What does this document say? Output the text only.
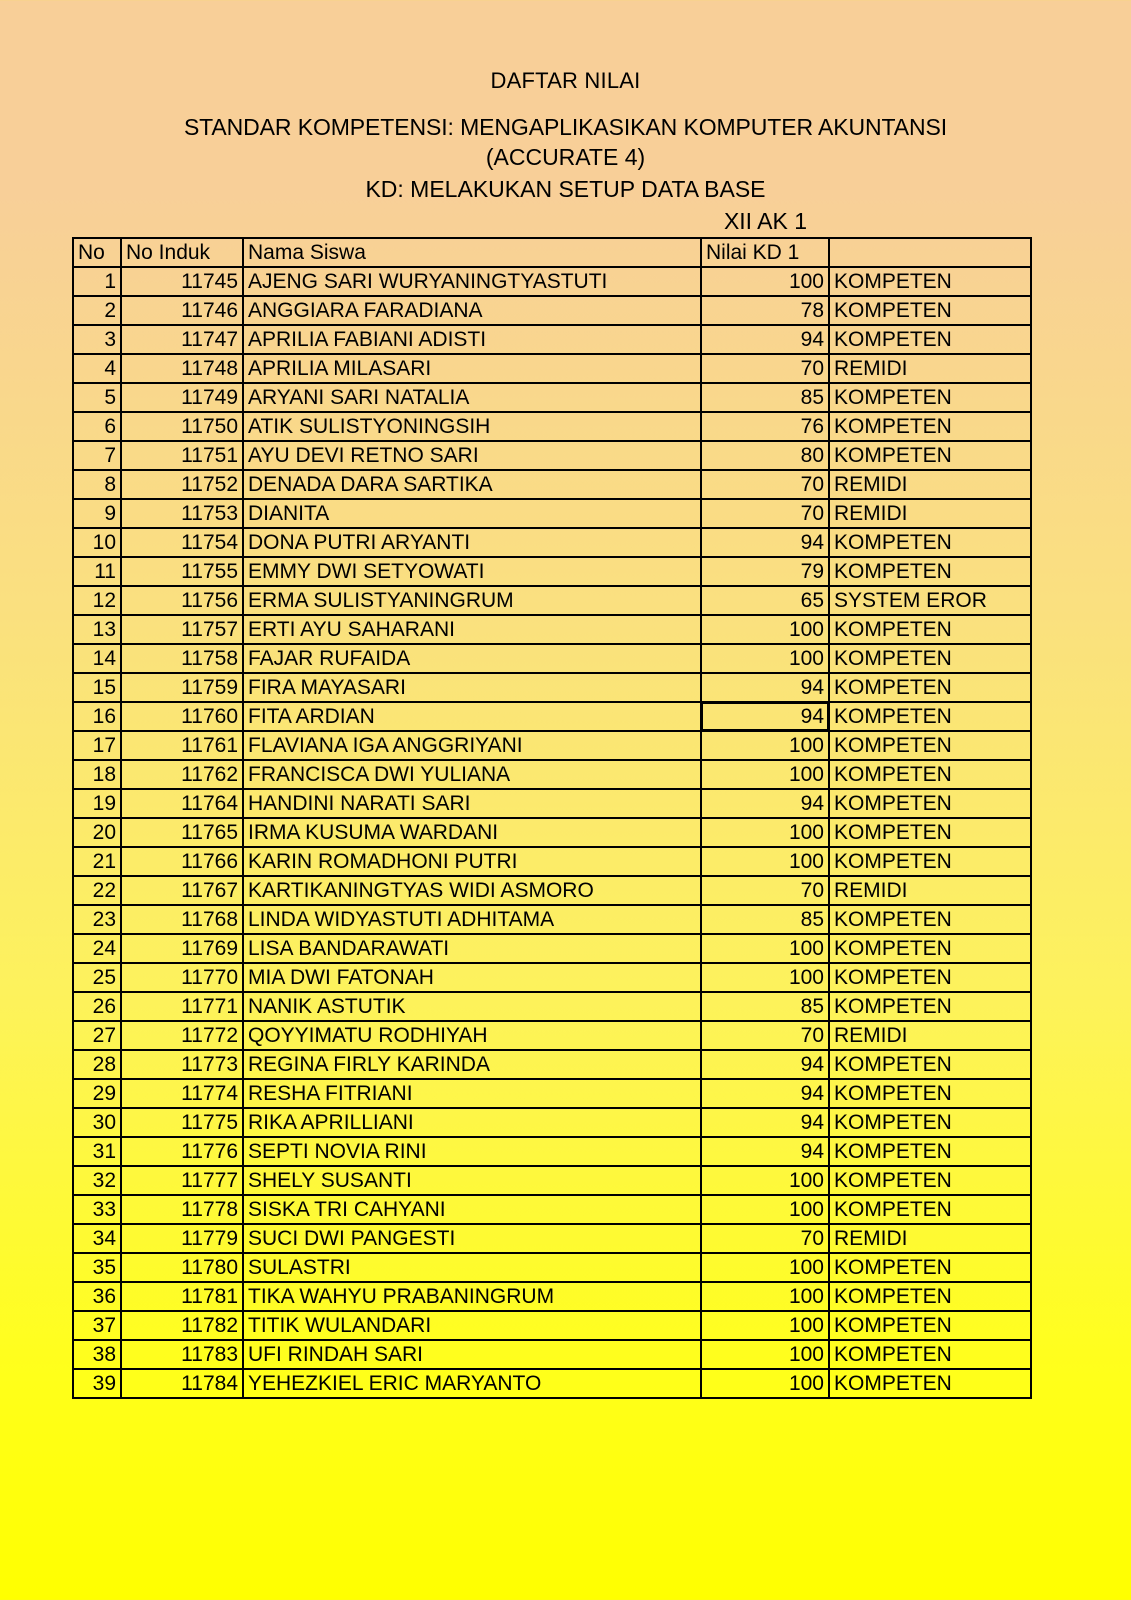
DAFTAR NILAI
STANDAR KOMPETENSI: MENGAPLIKASIKAN KOMPUTER AKUNTANSI
(ACCURATE 4)
KD: MELAKUKAN SETUP DATA BASE
XII AK 1
No	No Induk	Nama Siswa	Nilai KD 1	
1	11745	AJENG SARI WURYANINGTYASTUTI	100	KOMPETEN
2	11746	ANGGIARA FARADIANA	78	KOMPETEN
3	11747	APRILIA FABIANI ADISTI	94	KOMPETEN
4	11748	APRILIA MILASARI	70	REMIDI
5	11749	ARYANI SARI NATALIA	85	KOMPETEN
6	11750	ATIK SULISTYONINGSIH	76	KOMPETEN
7	11751	AYU DEVI RETNO SARI	80	KOMPETEN
8	11752	DENADA DARA SARTIKA	70	REMIDI
9	11753	DIANITA	70	REMIDI
10	11754	DONA PUTRI ARYANTI	94	KOMPETEN
11	11755	EMMY DWI SETYOWATI	79	KOMPETEN
12	11756	ERMA SULISTYANINGRUM	65	SYSTEM EROR
13	11757	ERTI AYU SAHARANI	100	KOMPETEN
14	11758	FAJAR RUFAIDA	100	KOMPETEN
15	11759	FIRA MAYASARI	94	KOMPETEN
16	11760	FITA ARDIAN	94	KOMPETEN
17	11761	FLAVIANA IGA ANGGRIYANI	100	KOMPETEN
18	11762	FRANCISCA DWI YULIANA	100	KOMPETEN
19	11764	HANDINI NARATI SARI	94	KOMPETEN
20	11765	IRMA KUSUMA WARDANI	100	KOMPETEN
21	11766	KARIN ROMADHONI PUTRI	100	KOMPETEN
22	11767	KARTIKANINGTYAS WIDI ASMORO	70	REMIDI
23	11768	LINDA WIDYASTUTI ADHITAMA	85	KOMPETEN
24	11769	LISA BANDARAWATI	100	KOMPETEN
25	11770	MIA DWI FATONAH	100	KOMPETEN
26	11771	NANIK ASTUTIK	85	KOMPETEN
27	11772	QOYYIMATU RODHIYAH	70	REMIDI
28	11773	REGINA FIRLY KARINDA	94	KOMPETEN
29	11774	RESHA FITRIANI	94	KOMPETEN
30	11775	RIKA APRILLIANI	94	KOMPETEN
31	11776	SEPTI NOVIA RINI	94	KOMPETEN
32	11777	SHELY SUSANTI	100	KOMPETEN
33	11778	SISKA TRI CAHYANI	100	KOMPETEN
34	11779	SUCI DWI PANGESTI	70	REMIDI
35	11780	SULASTRI	100	KOMPETEN
36	11781	TIKA WAHYU PRABANINGRUM	100	KOMPETEN
37	11782	TITIK WULANDARI	100	KOMPETEN
38	11783	UFI RINDAH SARI	100	KOMPETEN
39	11784	YEHEZKIEL ERIC MARYANTO	100	KOMPETEN
